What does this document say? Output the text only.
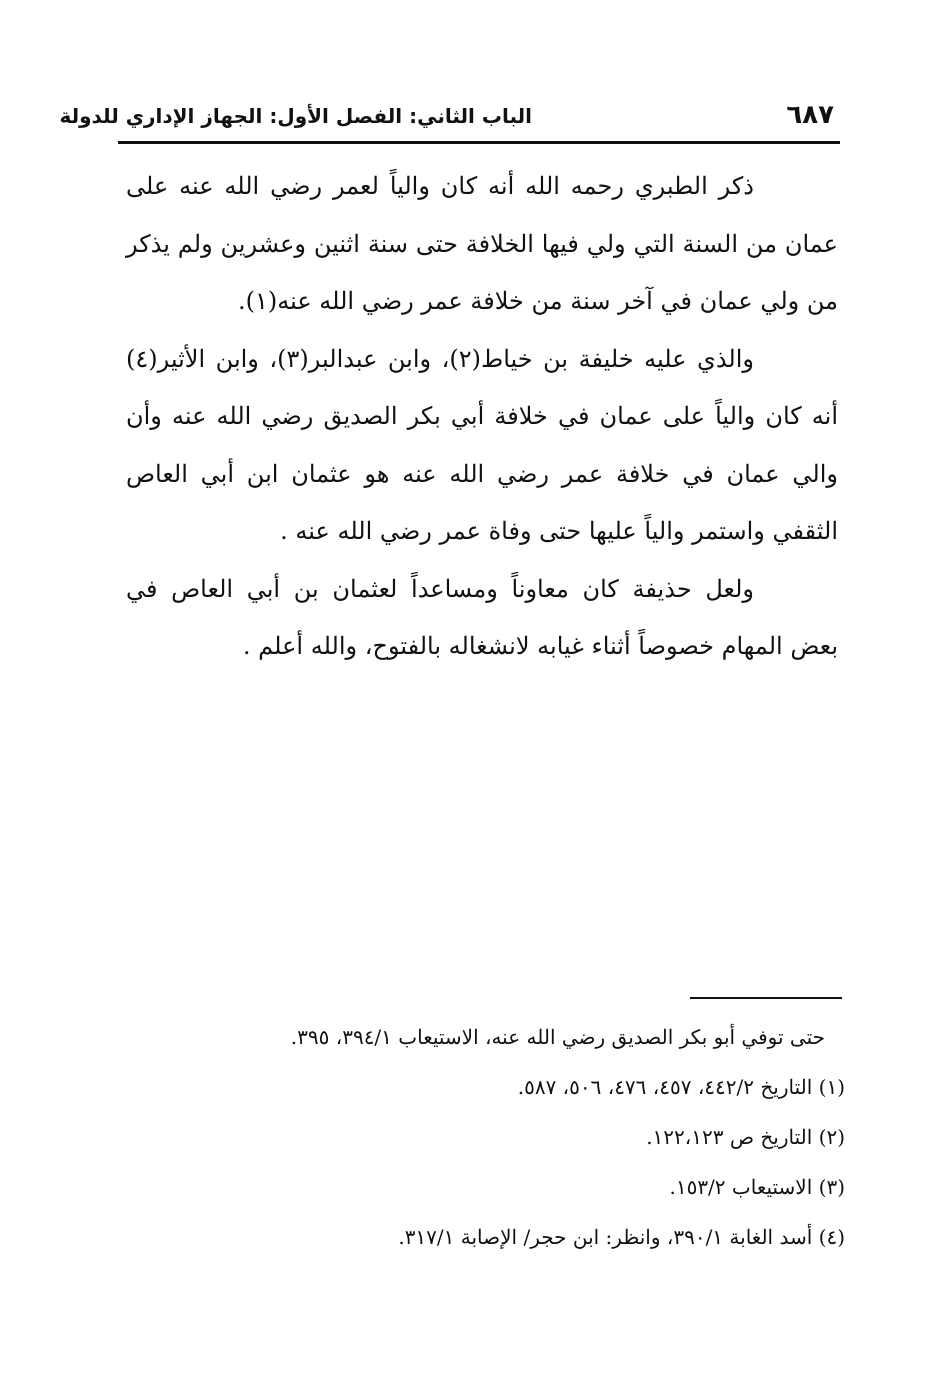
٦٨٧
الباب الثاني: الفصل الأول: الجهاز الإداري للدولة

ذكر الطبري رحمه الله أنه كان والياً لعمر رضي الله عنه على عمان من السنة التي ولي فيها الخلافة حتى سنة اثنين وعشرين ولم يذكر من ولي عمان في آخر سنة من خلافة عمر رضي الله عنه(١).

والذي عليه خليفة بن خياط(٢)، وابن عبدالبر(٣)، وابن الأثير(٤) أنه كان والياً على عمان في خلافة أبي بكر الصديق رضي الله عنه وأن والي عمان في خلافة عمر رضي الله عنه هو عثمان ابن أبي العاص الثقفي واستمر والياً عليها حتى وفاة عمر رضي الله عنه .

ولعل حذيفة كان معاوناً ومساعداً لعثمان بن أبي العاص في بعض المهام خصوصاً أثناء غيابه لانشغاله بالفتوح، والله أعلم .

حتى توفي أبو بكر الصديق رضي الله عنه، الاستيعاب ٣٩٤/١، ٣٩٥.

(١) التاريخ ٤٤٢/٢، ٤٥٧، ٤٧٦، ٥٠٦، ٥٨٧.

(٢) التاريخ ص ١٢٢،١٢٣.

(٣) الاستيعاب ١٥٣/٢.

(٤) أسد الغابة ٣٩٠/١، وانظر: ابن حجر/ الإصابة ٣١٧/١.
